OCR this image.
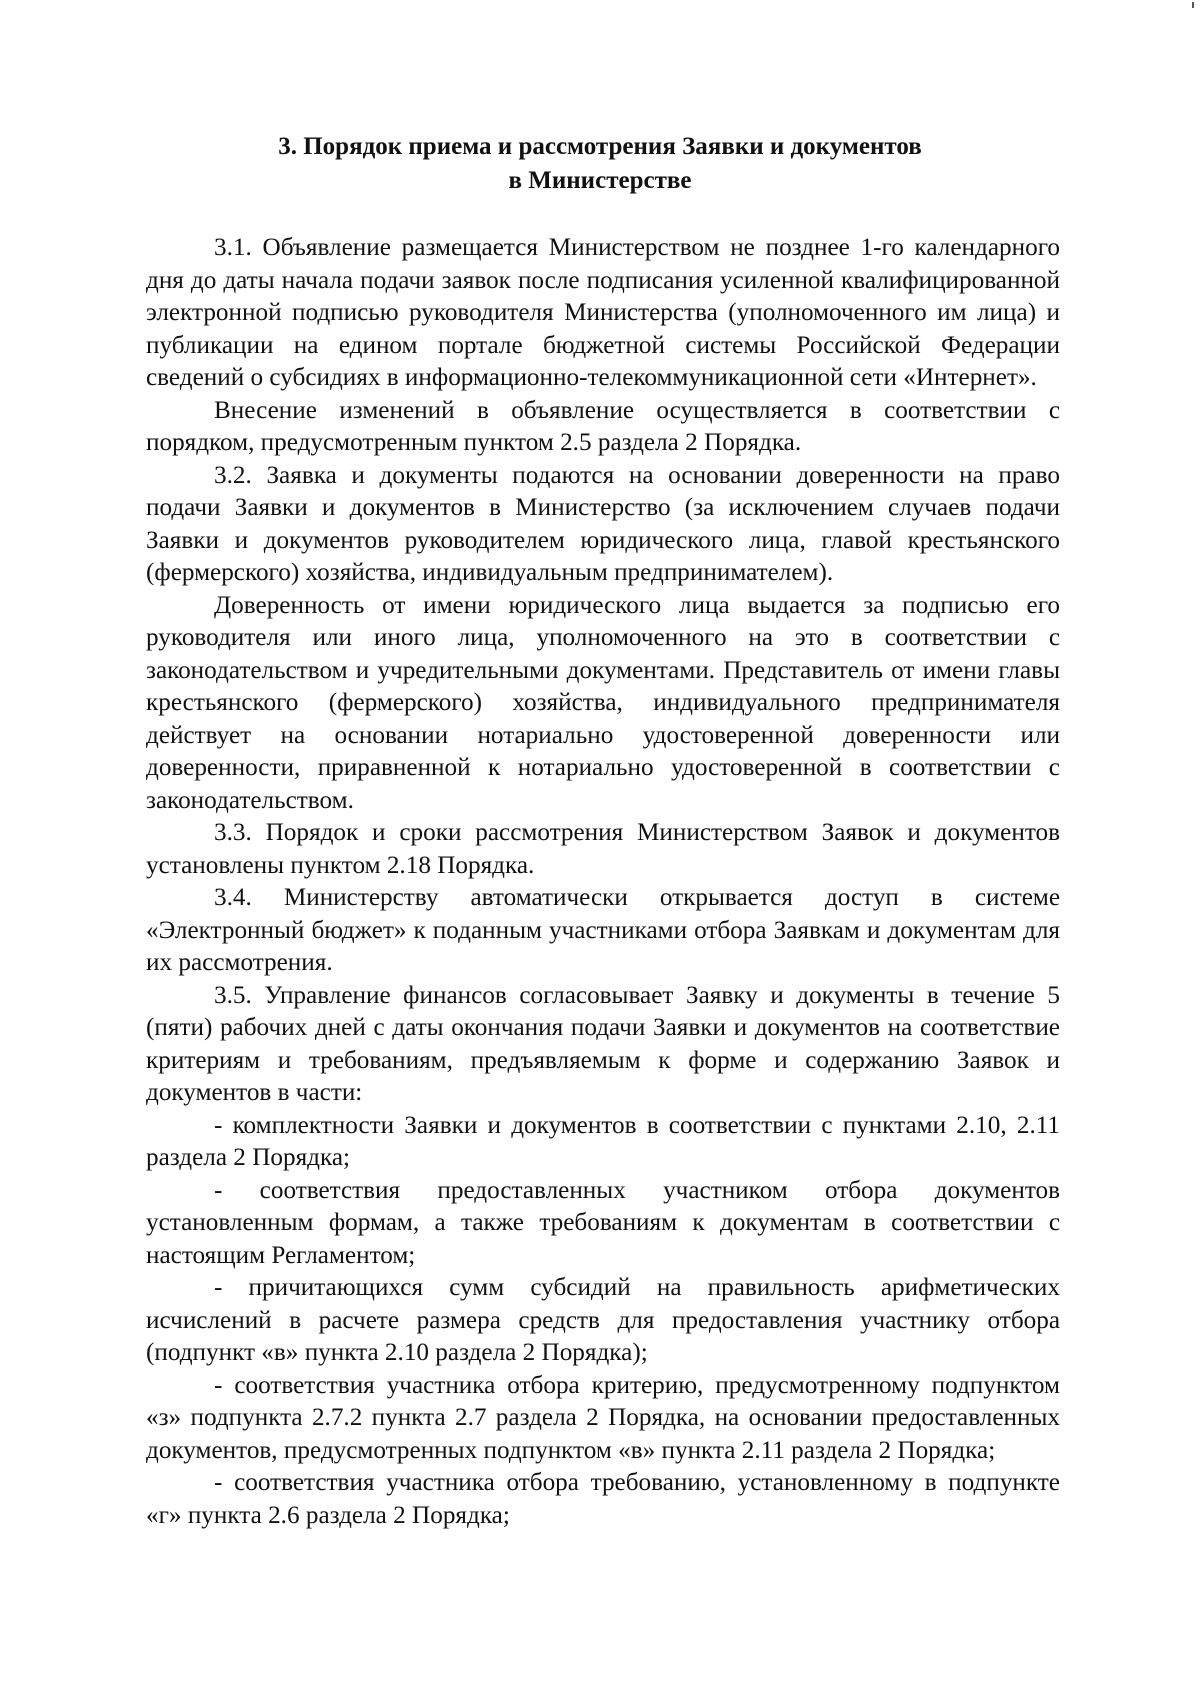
3. Порядок приема и рассмотрения Заявки и документов
в Министерстве

3.1. Объявление размещается Министерством не позднее 1-го календарного дня до даты начала подачи заявок после подписания усиленной квалифицированной электронной подписью руководителя Министерства (уполномоченного им лица) и публикации на едином портале бюджетной системы Российской Федерации сведений о субсидиях в информационно-телекоммуникационной сети «Интернет».

Внесение изменений в объявление осуществляется в соответствии с порядком, предусмотренным пунктом 2.5 раздела 2 Порядка.

3.2. Заявка и документы подаются на основании доверенности на право подачи Заявки и документов в Министерство (за исключением случаев подачи Заявки и документов руководителем юридического лица, главой крестьянского (фермерского) хозяйства, индивидуальным предпринимателем).

Доверенность от имени юридического лица выдается за подписью его руководителя или иного лица, уполномоченного на это в соответствии с законодательством и учредительными документами. Представитель от имени главы крестьянского (фермерского) хозяйства, индивидуального предпринимателя действует на основании нотариально удостоверенной доверенности или доверенности, приравненной к нотариально удостоверенной в соответствии с законодательством.

3.3. Порядок и сроки рассмотрения Министерством Заявок и документов установлены пунктом 2.18 Порядка.

3.4. Министерству автоматически открывается доступ в системе «Электронный бюджет» к поданным участниками отбора Заявкам и документам для их рассмотрения.

3.5. Управление финансов согласовывает Заявку и документы в течение 5 (пяти) рабочих дней с даты окончания подачи Заявки и документов на соответствие критериям и требованиям, предъявляемым к форме и содержанию Заявок и документов в части:

- комплектности Заявки и документов в соответствии с пунктами 2.10, 2.11 раздела 2 Порядка;

- соответствия предоставленных участником отбора документов установленным формам, а также требованиям к документам в соответствии с настоящим Регламентом;

- причитающихся сумм субсидий на правильность арифметических исчислений в расчете размера средств для предоставления участнику отбора (подпункт «в» пункта 2.10 раздела 2 Порядка);

- соответствия участника отбора критерию, предусмотренному подпунктом «з» подпункта 2.7.2 пункта 2.7 раздела 2 Порядка, на основании предоставленных документов, предусмотренных подпунктом «в» пункта 2.11 раздела 2 Порядка;

- соответствия участника отбора требованию, установленному в подпункте «г» пункта 2.6 раздела 2 Порядка;
